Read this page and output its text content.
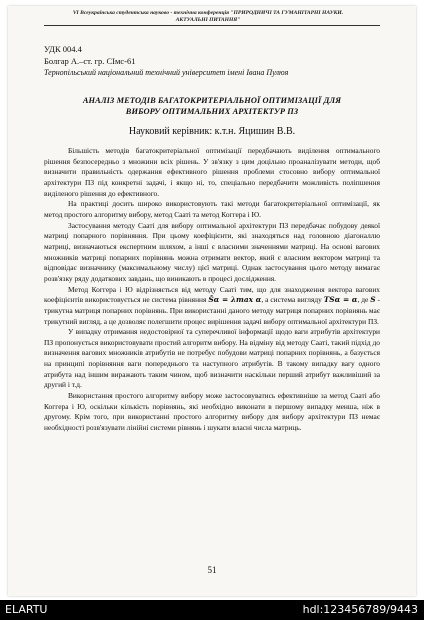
VI Всеукраїнська студентська науково - технічна конференція "ПРИРОДНИЧІ ТА ГУМАНІТАРНІ НАУКИ.
АКТУАЛЬНІ ПИТАННЯ"
УДК 004.4
Болгар А.–ст. гр. СІмс-61
Тернопільський національний технічний університет імені Івана Пулюя
АНАЛІЗ МЕТОДІВ БАГАТОКРИТЕРІАЛЬНОЇ ОПТИМІЗАЦІЇ ДЛЯ
ВИБОРУ ОПТИМАЛЬНИХ АРХІТЕКТУР ПЗ
Науковий керівник: к.т.н. Яцишин В.В.

Більшість методів багатокритеріальної оптимізації передбачають виділення оптимального рішення безпосередньо з множини всіх рішень. У зв'язку з цим доцільно проаналізувати методи, щоб визначити правильність одержання ефективного рішення проблеми стосовно вибору оптимальної архітектури ПЗ під конкретні задачі, і якщо ні, то, спеціально передбачити можливість поліпшення виділеного рішення до ефективного.

На практиці досить широко використовують такі методи багатокритеріальної оптимізації, як метод простого алгоритму вибору, метод Сааті та метод Коггера і Ю.

Застосування методу Сааті для вибору оптимальної архітектури ПЗ передбачає побудову деякої матриці попарного порівняння. При цьому коефіцієнти, які знаходяться над головною діагоналлю матриці, визначаються експертним шляхом, а інші є власними значеннями матриці. На основі вагових множників матриці попарних порівнянь можна отримати вектор, який є власним вектором матриці та відповідає визначнику (максимальному числу) цієї матриці. Однак застосування цього методу вимагає розв'язку ряду додаткових завдань, що виникають в процесі дослідження.

Метод Коггера і Ю відрізняється від методу Сааті тим, що для знаходження вектора вагових коефіцієнтів використовується не система рівняння S̄α = λmax α, а система вигляду TSα = α, де S - трикутна матриця попарних порівнянь. При використанні даного методу матриця попарних порівнянь має трикутний вигляд, а це дозволяє полегшити процес вирішення задачі вибору оптимальної архітектури ПЗ.

У випадку отримання недостовірної та суперечливої інформації щодо ваги атрибутів архітектури ПЗ пропонується використовувати простий алгоритм вибору. На відміну від методу Сааті, такий підхід до визначення вагових множників атрибутів не потребує побудови матриці попарних порівнянь, а базується на принципі порівняння ваги попереднього та наступного атрибутів. В такому випадку вагу одного атрибута над іншим виражають таким чином, щоб визначити наскільки перший атрибут важливіший за другий і т.д.

Використання простого алгоритму вибору може застосовуватись ефективніше за метод Сааті або Коггера і Ю, оскільки кількість порівнянь, які необхідно виконати в першому випадку менша, ніж в другому. Крім того, при використанні простого алгоритму вибору для вибору архітектури ПЗ немає необхідності розв'язувати лінійні системи рівнянь і шукати власні числа матриць.

51
ELARTU	hdl:123456789/9443
